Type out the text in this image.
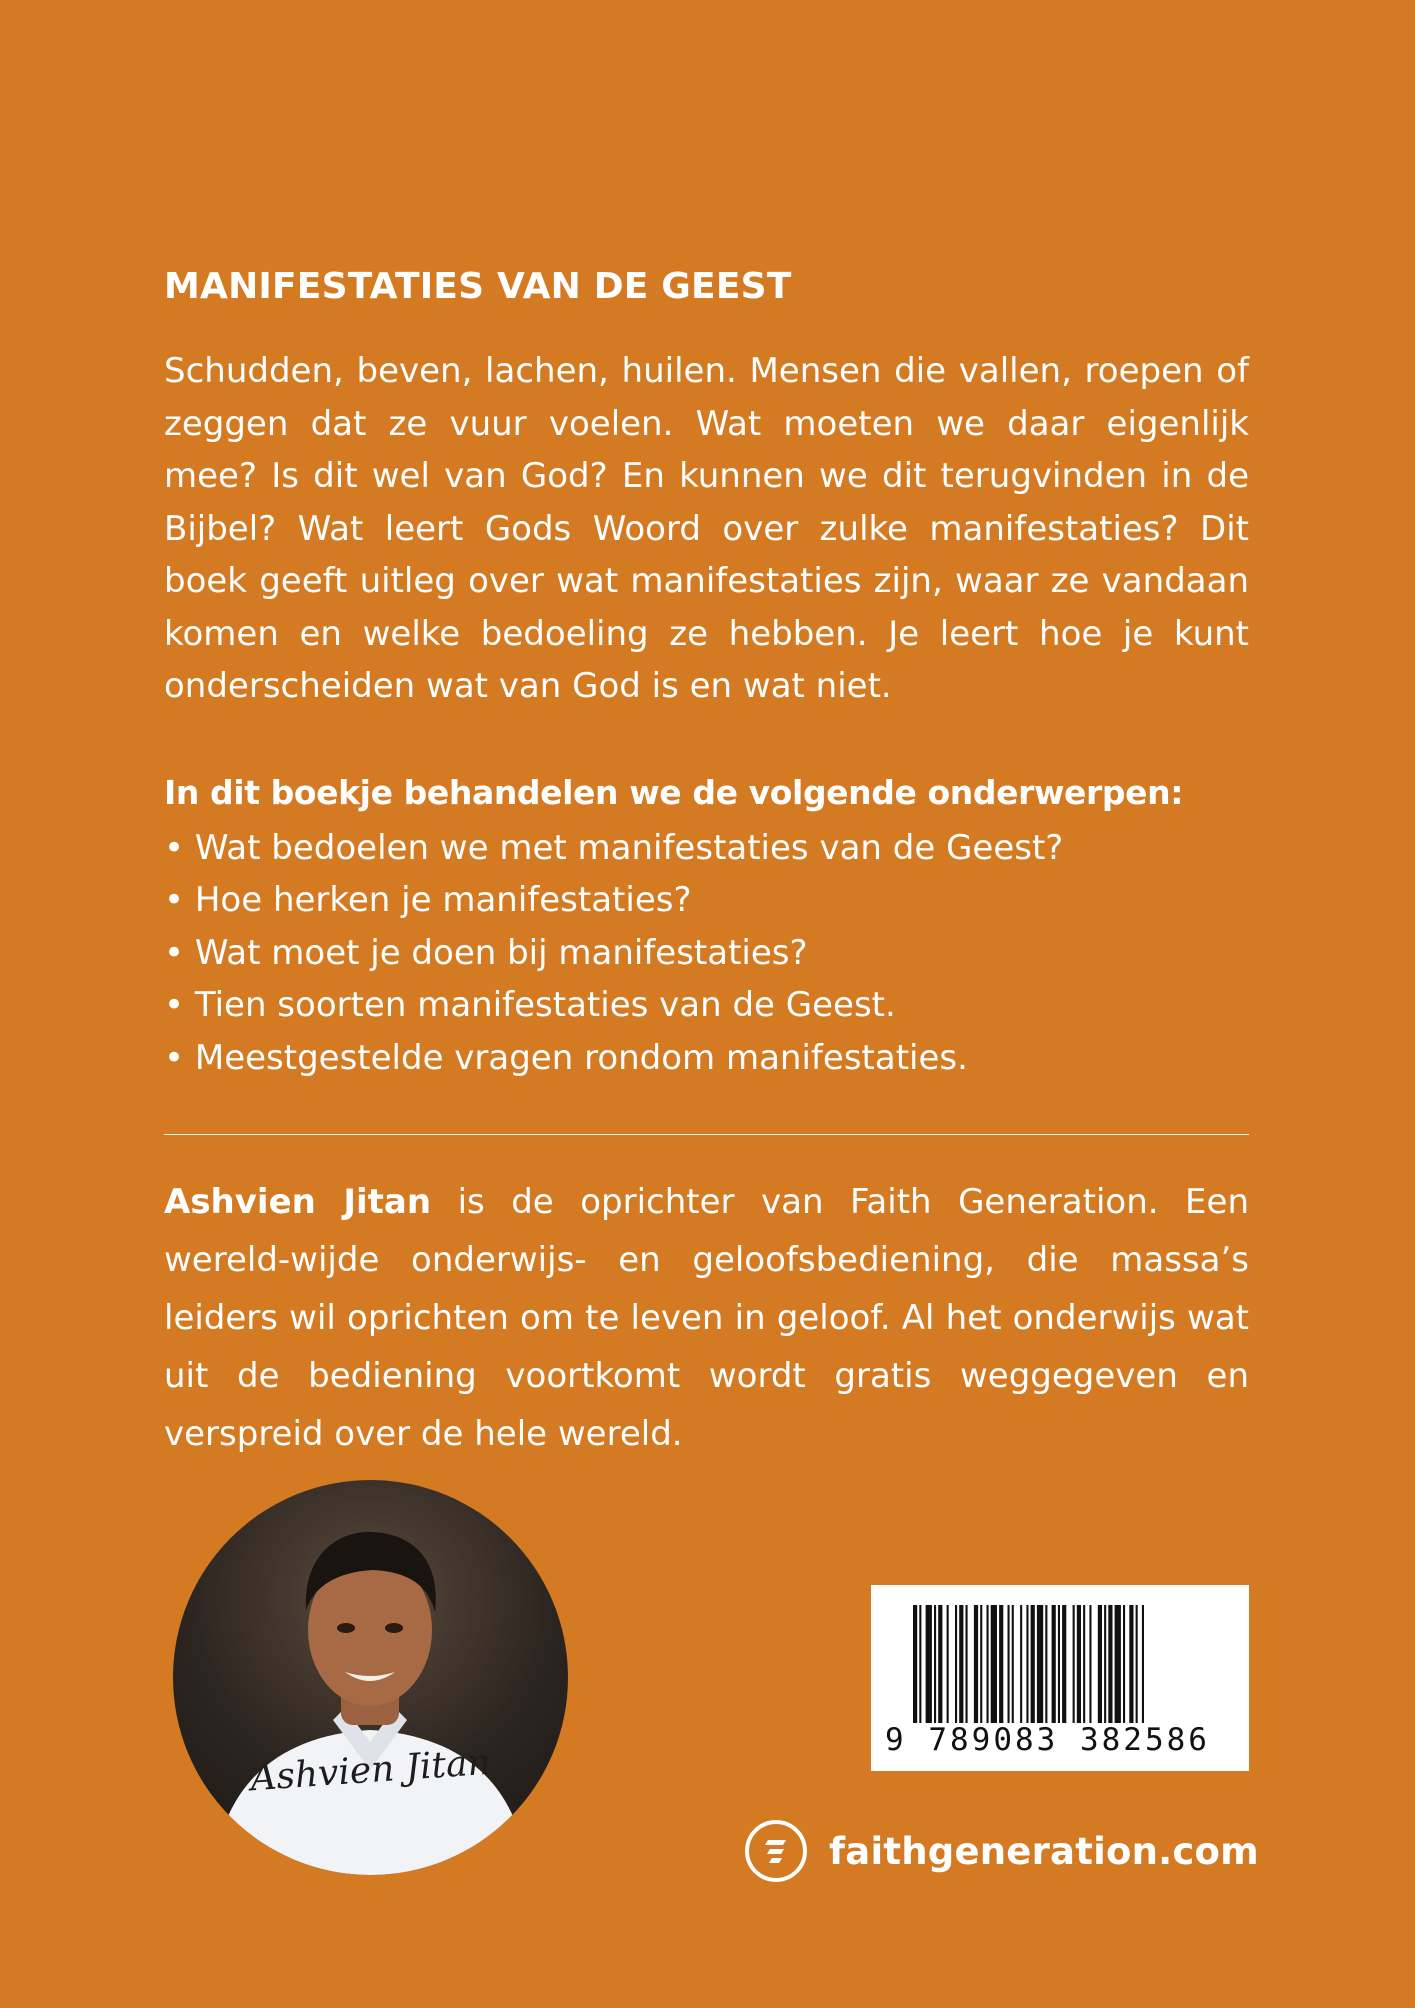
MANIFESTATIES VAN DE GEEST

Schudden, beven, lachen, huilen. Mensen die vallen, roepen of zeggen dat ze vuur voelen. Wat moeten we daar eigenlijk mee? Is dit wel van God? En kunnen we dit terugvinden in de Bijbel? Wat leert Gods Woord over zulke manifestaties? Dit boek geeft uitleg over wat manifestaties zijn, waar ze vandaan komen en welke bedoeling ze hebben. Je leert hoe je kunt onderscheiden wat van God is en wat niet.

In dit boekje behandelen we de volgende onderwerpen:
• Wat bedoelen we met manifestaties van de Geest?
• Hoe herken je manifestaties?
• Wat moet je doen bij manifestaties?
• Tien soorten manifestaties van de Geest.
• Meestgestelde vragen rondom manifestaties.

Ashvien Jitan is de oprichter van Faith Generation. Een wereld-wijde onderwijs- en geloofsbediening, die massa’s leiders wil oprichten om te leven in geloof. Al het onderwijs wat uit de bediening voortkomt wordt gratis weggegeven en verspreid over de hele wereld.

Ashvien Jitan
9 789083 382586
faithgeneration.com
